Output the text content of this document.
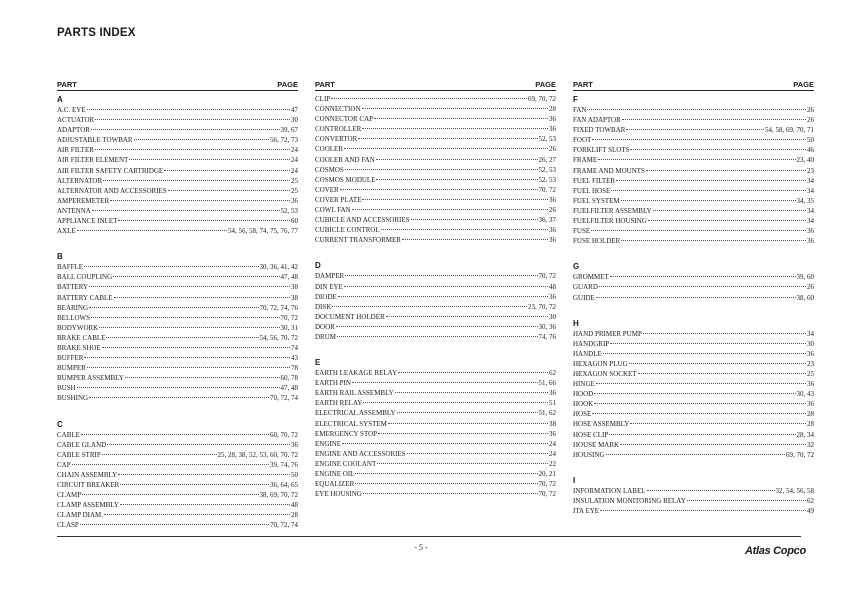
PARTS INDEX
PART	PAGE
A
A.C. EYE	47
ACTUATOR	30
ADAPTOR	39, 67
ADJUSTABLE TOWBAR	56, 72, 73
AIR FILTER	24
AIR FILTER ELEMENT	24
AIR FILTER SAFETY CARTRIDGE	24
ALTERNATOR	25
ALTERNATOR AND ACCESSORIES	25
AMPEREMETER	36
ANTENNA	52, 53
APPLIANCE INLET	60
AXLE	54, 56, 58, 74, 75, 76, 77
B
BAFFLE	30, 36, 41, 42
BALL COUPLING	47, 48
BATTERY	38
BATTERY CABLE	38
BEARING	70, 72, 74, 76
BELLOWS	70, 72
BODYWORK	30, 31
BRAKE CABLE	54, 56, 70, 72
BRAKE SHOE	74
BUFFER	43
BUMPER	78
BUMPER ASSEMBLY	60, 78
BUSH	47, 48
BUSHING	70, 72, 74
C
CABLE	60, 70, 72
CABLE GLAND	36
CABLE STRIP	25, 28, 38, 52, 53, 60, 70, 72
CAP	39, 74, 76
CHAIN ASSEMBLY	50
CIRCUIT BREAKER	36, 64, 65
CLAMP	38, 69, 70, 72
CLAMP ASSEMBLY	48
CLAMP DIAM.	28
CLASP	70, 72, 74
PART	PAGE
CLIP	69, 70, 72
CONNECTION	28
CONNECTOR CAP	36
CONTROLLER	36
CONVERTOR	52, 53
COOLER	26
COOLER AND FAN	26, 27
COSMOS	52, 53
COSMOS MODULE	52, 53
COVER	70, 72
COVER PLATE	36
COWL FAN	26
CUBICLE AND ACCESSORIES	36, 37
CUBICLE CONTROL	36
CURRENT TRANSFORMER	36
D
DAMPER	70, 72
DIN EYE	48
DIODE	36
DISK	23, 70, 72
DOCUMENT HOLDER	30
DOOR	30, 36
DRUM	74, 76
E
EARTH LEAKAGE RELAY	62
EARTH PIN	51, 66
EARTH RAIL ASSEMBLY	36
EARTH RELAY	51
ELECTRICAL ASSEMBLY	51, 62
ELECTRICAL SYSTEM	38
EMERGENCY STOP	36
ENGINE	24
ENGINE AND ACCESSORIES	24
ENGINE COOLANT	22
ENGINE OIL	20, 21
EQUALIZER	70, 72
EYE HOUSING	70, 72
PART	PAGE
F
FAN	26
FAN ADAPTOR	26
FIXED TOWBAR	54, 58, 69, 70, 71
FOOT	50
FORKLIFT SLOTS	46
FRAME	23, 40
FRAME AND MOUNTS	23
FUEL FILTER	34
FUEL HOSE	34
FUEL SYSTEM	34, 35
FUELFILTER ASSEMBLY	34
FUELFILTER HOUSING	34
FUSE	36
FUSE HOLDER	36
G
GROMMET	39, 60
GUARD	26
GUIDE	38, 60
H
HAND PRIMER PUMP	34
HANDGRIP	30
HANDLE	36
HEXAGON PLUG	23
HEXAGON SOCKET	25
HINGE	36
HOOD	30, 43
HOOK	36
HOSE	28
HOSE ASSEMBLY	28
HOSE CLIP	28, 34
HOUSE MARK	32
HOUSING	69, 70, 72
I
INFORMATION LABEL	32, 54, 56, 58
INSULATION MONITORING RELAY	62
ITA EYE	49
- 5 -	Atlas Copco
